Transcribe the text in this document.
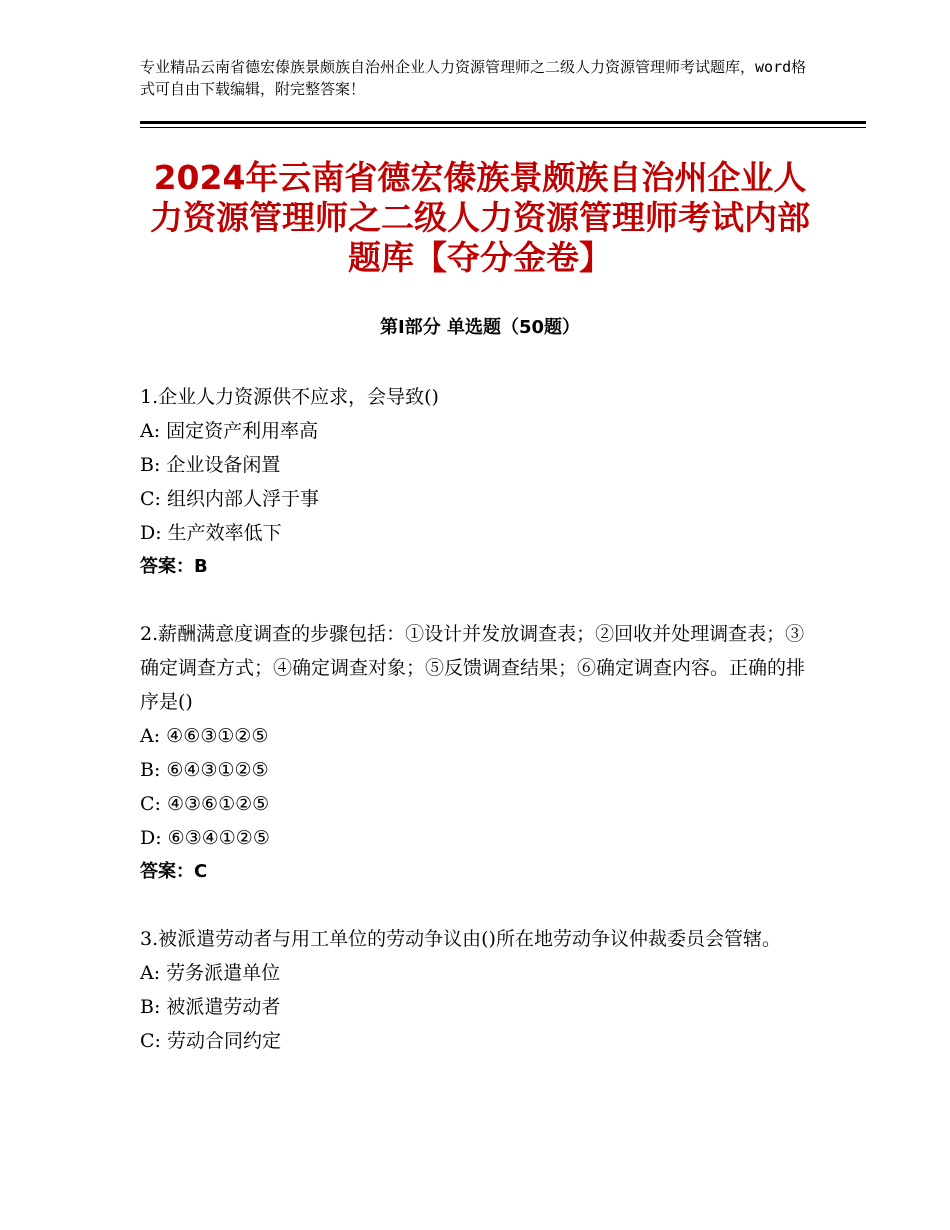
专业精品云南省德宏傣族景颇族自治州企业人力资源管理师之二级人力资源管理师考试题库，word格式可自由下载编辑，附完整答案！
2024年云南省德宏傣族景颇族自治州企业人力资源管理师之二级人力资源管理师考试内部题库【夺分金卷】
第Ⅰ部分 单选题（50题）
1.企业人力资源供不应求，会导致()
A: 固定资产利用率高
B: 企业设备闲置
C: 组织内部人浮于事
D: 生产效率低下
答案：B
2.薪酬满意度调查的步骤包括：①设计并发放调查表；②回收并处理调查表；③确定调查方式；④确定调查对象；⑤反馈调查结果；⑥确定调查内容。正确的排序是()
A: ④⑥③①②⑤
B: ⑥④③①②⑤
C: ④③⑥①②⑤
D: ⑥③④①②⑤
答案：C
3.被派遣劳动者与用工单位的劳动争议由()所在地劳动争议仲裁委员会管辖。
A: 劳务派遣单位
B: 被派遣劳动者
C: 劳动合同约定
